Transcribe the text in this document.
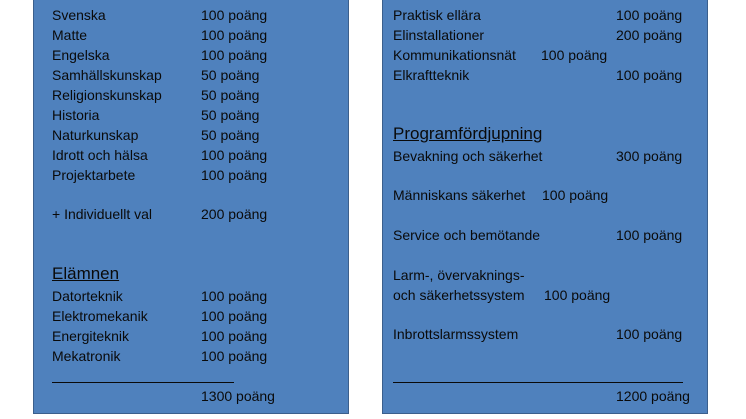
Svenska	100 poäng
Matte	100 poäng
Engelska	100 poäng
Samhällskunskap	50 poäng
Religionskunskap	50 poäng
Historia	50 poäng
Naturkunskap	50 poäng
Idrott och hälsa	100 poäng
Projektarbete	100 poäng
+ Individuellt val	200 poäng
Elämnen
Datorteknik	100 poäng
Elektromekanik	100 poäng
Energiteknik	100 poäng
Mekatronik	100 poäng
1300 poäng
Praktisk ellära	100 poäng
Elinstallationer	200 poäng
Kommunikationsnät 100 poäng
Elkraftteknik	100 poäng
Programfördjupning
Bevakning och säkerhet	300 poäng
Människans säkerhet 100 poäng
Service och bemötande	100 poäng
Larm-, övervaknings-
och säkerhetssystem 100 poäng
Inbrottslarmssystem	100 poäng
1200 poäng
